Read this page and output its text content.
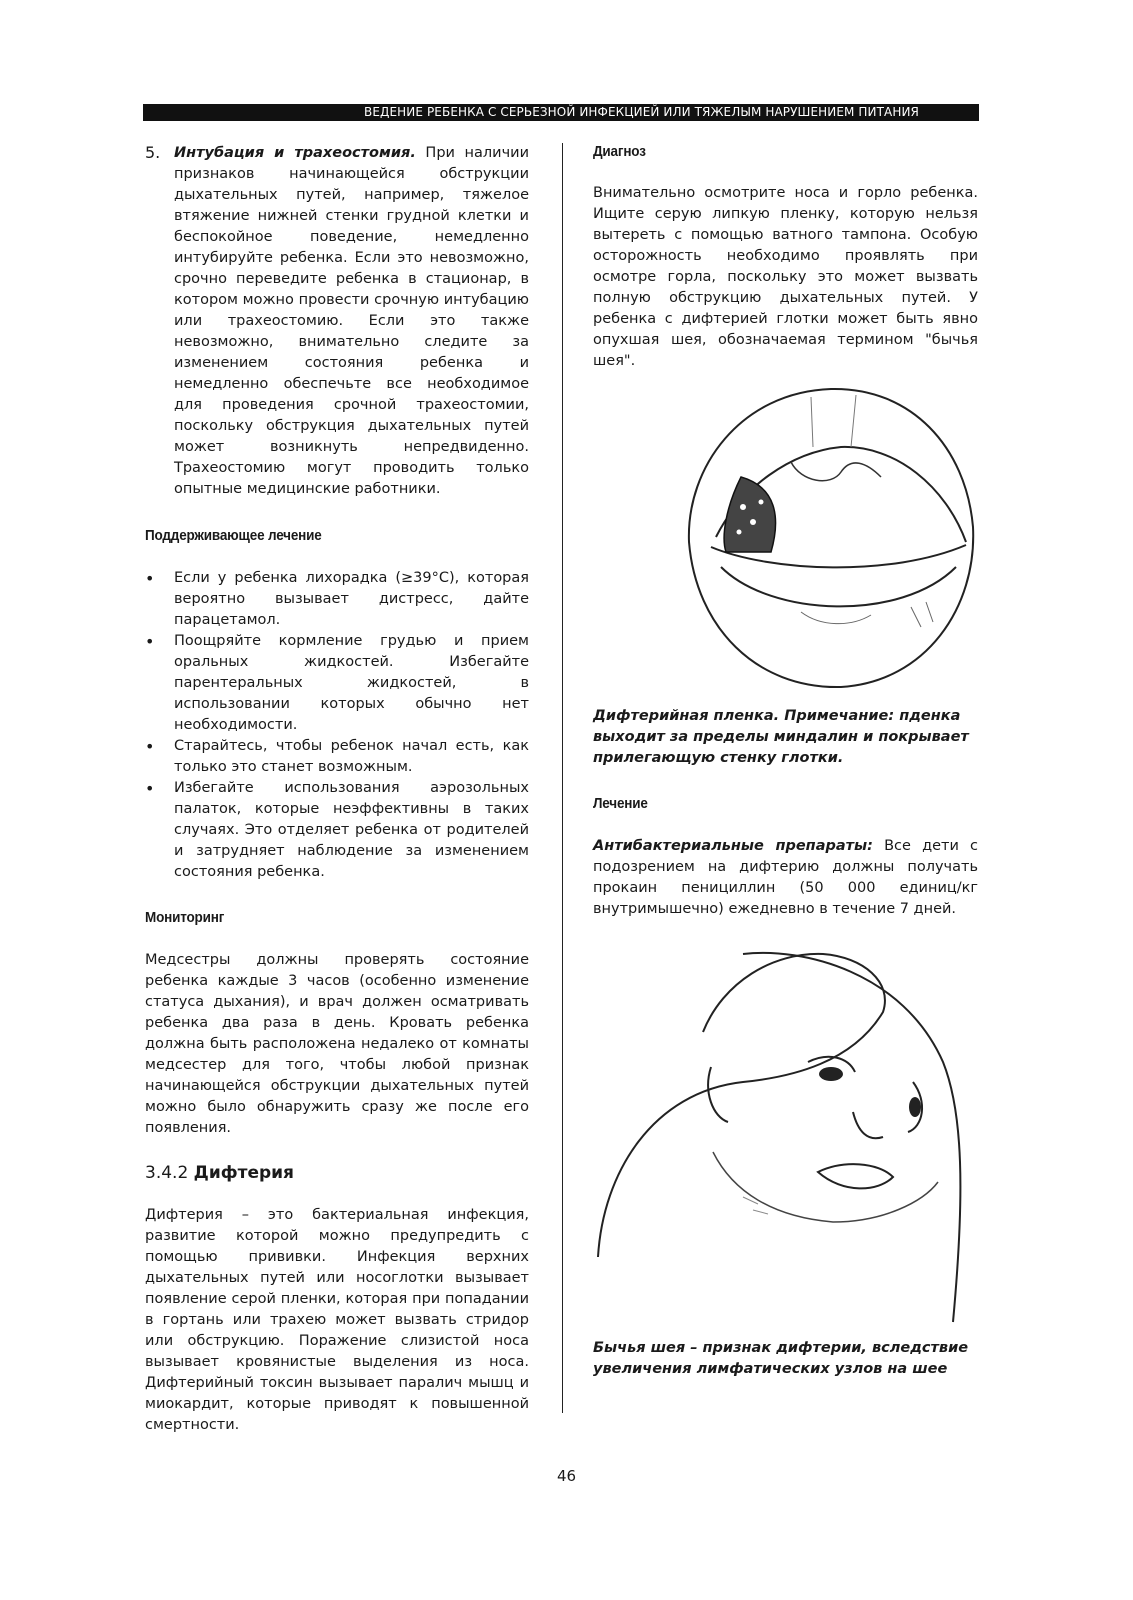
ВЕДЕНИЕ РЕБЕНКА С СЕРЬЕЗНОЙ ИНФЕКЦИЕЙ ИЛИ ТЯЖЕЛЫМ НАРУШЕНИЕМ ПИТАНИЯ
5. Интубация и трахеостомия. При наличии признаков начинающейся обструкции дыхательных путей, например, тяжелое втяжение нижней стенки грудной клетки и беспокойное поведение, немедленно интубируйте ребенка. Если это невозможно, срочно переведите ребенка в стационар, в котором можно провести срочную интубацию или трахеостомию. Если это также невозможно, внимательно следите за изменением состояния ребенка и немедленно обеспечьте все необходимое для проведения срочной трахеостомии, поскольку обструкция дыхательных путей может возникнуть непредвиденно. Трахеостомию могут проводить только опытные медицинские работники.

Поддерживающее лечение
• Если у ребенка лихорадка (≥39°C), которая вероятно вызывает дистресс, дайте парацетамол.
• Поощряйте кормление грудью и прием оральных жидкостей. Избегайте парентеральных жидкостей, в использовании которых обычно нет необходимости.
• Старайтесь, чтобы ребенок начал есть, как только это станет возможным.
• Избегайте использования аэрозольных палаток, которые неэффективны в таких случаях. Это отделяет ребенка от родителей и затрудняет наблюдение за изменением состояния ребенка.
Мониторинг

Медсестры должны проверять состояние ребенка каждые 3 часов (особенно изменение статуса дыхания), и врач должен осматривать ребенка два раза в день. Кровать ребенка должна быть расположена недалеко от комнаты медсестер для того, чтобы любой признак начинающейся обструкции дыхательных путей можно было обнаружить сразу же после его появления.

3.4.2 Дифтерия

Дифтерия – это бактериальная инфекция, развитие которой можно предупредить с помощью прививки. Инфекция верхних дыхательных путей или носоглотки вызывает появление серой пленки, которая при попадании в гортань или трахею может вызвать стридор или обструкцию. Поражение слизистой носа вызывает кровянистые выделения из носа. Дифтерийный токсин вызывает паралич мышц и миокардит, которые приводят к повышенной смертности.

Диагноз

Внимательно осмотрите носа и горло ребенка. Ищите серую липкую пленку, которую нельзя вытереть с помощью ватного тампона. Особую осторожность необходимо проявлять при осмотре горла, поскольку это может вызвать полную обструкцию дыхательных путей. У ребенка с дифтерией глотки может быть явно опухшая шея, обозначаемая термином "бычья шея".

Дифтерийная пленка. Примечание: пденка выходит за пределы миндалин и покрывает прилегающую стенку глотки.

Лечение

Антибактериальные препараты: Все дети с подозрением на дифтерию должны получать прокаин пенициллин (50 000 единиц/кг внутримышечно) ежедневно в течение 7 дней.

Бычья шея – признак дифтерии, вследствие увеличения лимфатических узлов на шее

46
